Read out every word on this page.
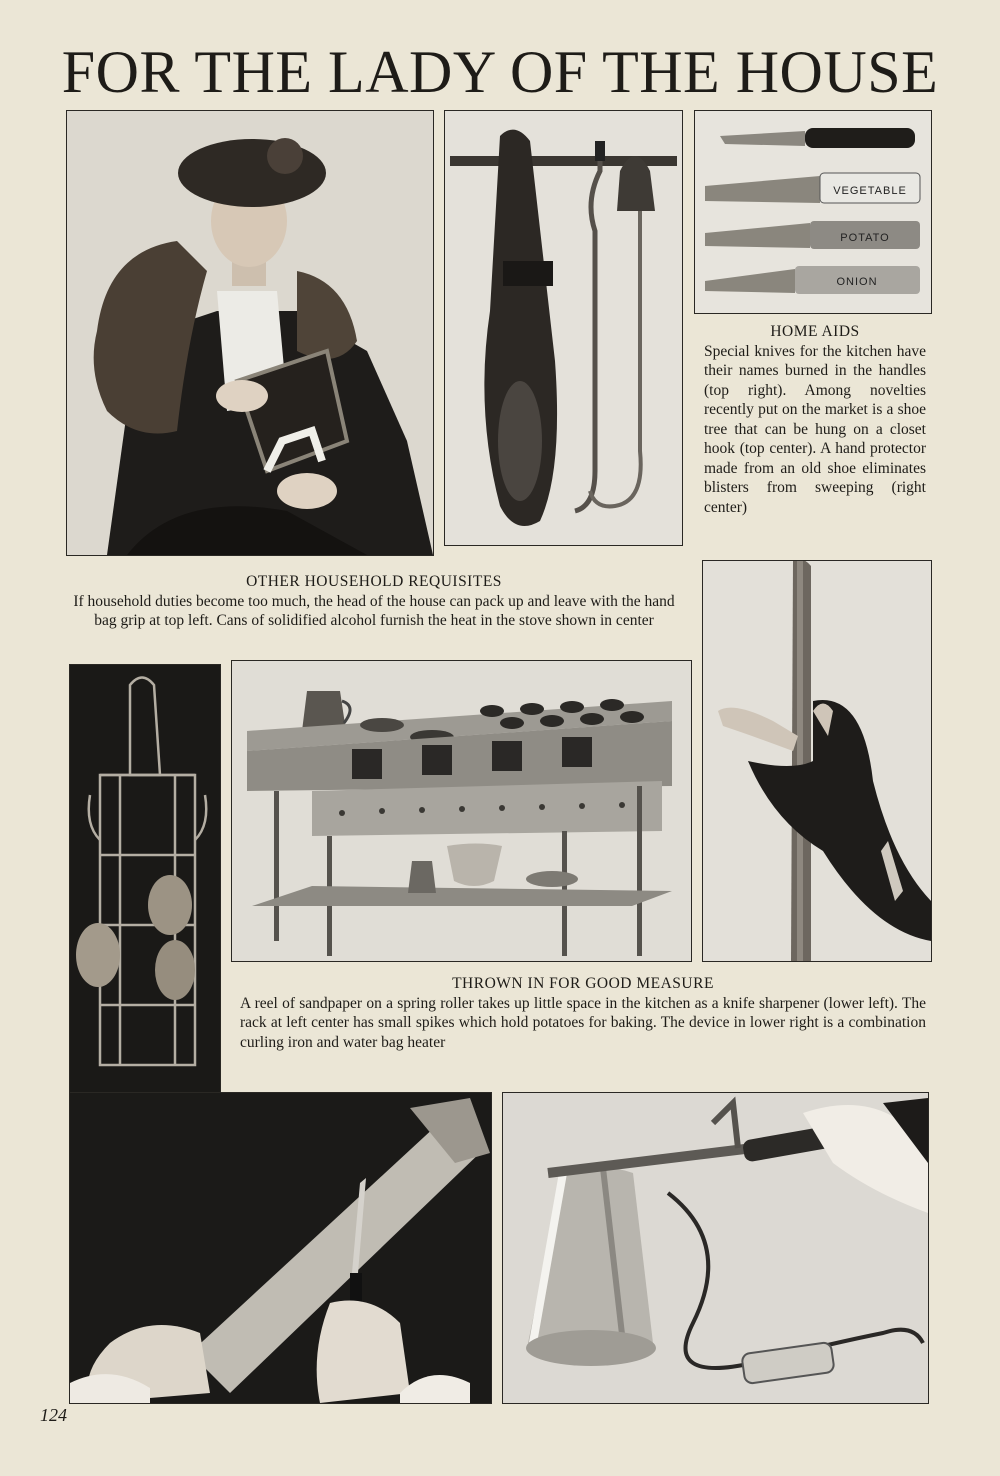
FOR THE LADY OF THE HOUSE
VEGETABLE
POTATO
ONION
HOME AIDS
Special knives for the kitchen have their names burned in the handles (top right). Among novelties recently put on the market is a shoe tree that can be hung on a closet hook (top center). A hand protector made from an old shoe eliminates blisters from sweeping (right center)
OTHER HOUSEHOLD REQUISITES
If household duties become too much, the head of the house can pack up and leave with the hand bag grip at top left. Cans of solidified alcohol furnish the heat in the stove shown in center
THROWN IN FOR GOOD MEASURE
A reel of sandpaper on a spring roller takes up little space in the kitchen as a knife sharpener (lower left). The rack at left center has small spikes which hold potatoes for baking. The device in lower right is a combination curling iron and water bag heater
124
